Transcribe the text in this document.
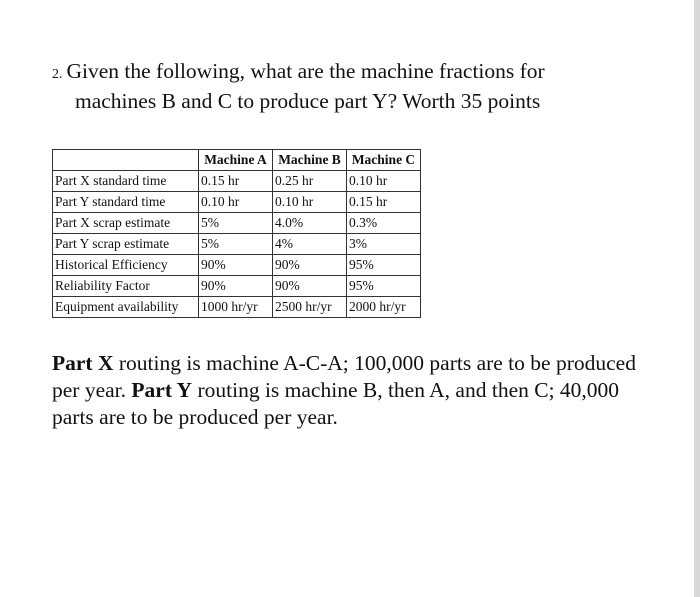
2. Given the following, what are the machine fractions for
machines B and C to produce part Y? Worth 35 points
	Machine A	Machine B	Machine C
Part X standard time	0.15 hr	0.25 hr	0.10 hr
Part Y standard time	0.10 hr	0.10 hr	0.15 hr
Part X scrap estimate	5%	4.0%	0.3%
Part Y scrap estimate	5%	4%	3%
Historical Efficiency	90%	90%	95%
Reliability Factor	90%	90%	95%
Equipment availability	1000 hr/yr	2500 hr/yr	2000 hr/yr
Part X routing is machine A-C-A; 100,000 parts are to be produced per year. Part Y routing is machine B, then A, and then C; 40,000 parts are to be produced per year.
